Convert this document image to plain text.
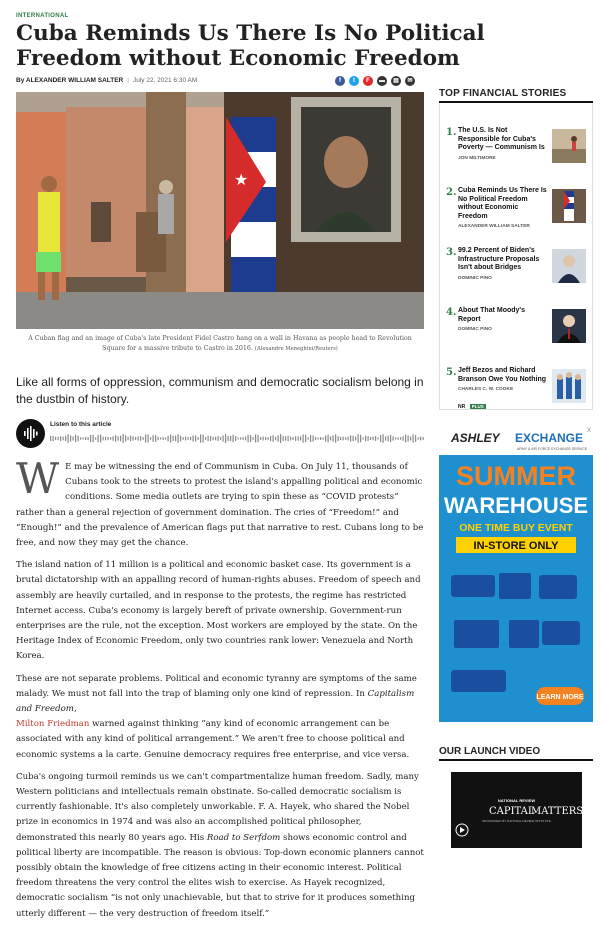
INTERNATIONAL
Cuba Reminds Us There Is No Political Freedom without Economic Freedom
By ALEXANDER WILLIAM SALTER | July 22, 2021 6:30 AM	f	t	F	▬	▤	✉
★
A Cuban flag and an image of Cuba's late President Fidel Castro hang on a wall in Havana as people head to Revolution Square for a massive tribute to Castro in 2016. (Alexandre Meneghini/Reuters)
Like all forms of oppression, communism and democratic socialism belong in the dustbin of history.
Listen to this article

W E may be witnessing the end of Communism in Cuba. On July 11, thousands of Cubans took to the streets to protest the island's appalling political and economic conditions. Some media outlets are trying to spin these as “COVID protests” rather than a general rejection of government domination. The cries of “Freedom!” and “Enough!” and the prevalence of American flags put that narrative to rest. Cubans long to be free, and now they may get the chance.

The island nation of 11 million is a political and economic basket case. Its government is a brutal dictatorship with an appalling record of human-rights abuses. Freedom of speech and assembly are heavily curtailed, and in response to the protests, the regime has restricted Internet access. Cuba's economy is largely bereft of private ownership. Government-run enterprises are the rule, not the exception. Most workers are employed by the state. On the Heritage Index of Economic Freedom, only two countries rank lower: Venezuela and North Korea.

These are not separate problems. Political and economic tyranny are symptoms of the same malady. We must not fall into the trap of blaming only one kind of repression. In Capitalism and Freedom,
Milton Friedman warned against thinking “any kind of economic arrangement can be associated with any kind of political arrangement.” We aren't free to choose political and economic systems a la carte. Genuine democracy requires free enterprise, and vice versa.

Cuba's ongoing turmoil reminds us we can't compartmentalize human freedom. Sadly, many Western politicians and intellectuals remain obstinate. So-called democratic socialism is currently fashionable. It's also completely unworkable. F. A. Hayek, who shared the Nobel prize in economics in 1974 and was also an accomplished political philosopher, demonstrated this nearly 80 years ago. His Road to Serfdom shows economic control and political liberty are incompatible. The reason is obvious: Top-down economic planners cannot possibly obtain the knowledge of free citizens acting in their economic interest. Political freedom threatens the very control the elites wish to exercise. As Hayek recognized, democratic socialism “is not only unachievable, but that to strive for it produces something utterly different — the very destruction of freedom itself.”

TOP FINANCIAL STORIES
1. The U.S. Is Not Responsible for Cuba's Poverty — Communism Is
JON MILTIMORE
2. Cuba Reminds Us There Is No Political Freedom without Economic Freedom
ALEXANDER WILLIAM SALTER
3. 99.2 Percent of Biden's Infrastructure Proposals Isn't about Bridges
DOMINIC PINO
4. About That Moody's Report
DOMINIC PINO
5. Jeff Bezos and Richard Branson Owe You Nothing
CHARLES C. W. COOKE
NR PLUS
ASHLEY EXCHANGE
ARMY & AIR FORCE EXCHANGE SERVICE
X
SUMMER
WAREHOUSE
ONE TIME BUY EVENT
IN-STORE ONLY
LEARN MORE
OUR LAUNCH VIDEO
NATIONAL REVIEW
CAPITAL
MATTERS
SPONSORED BY NATIONAL REVIEW INSTITUTE
